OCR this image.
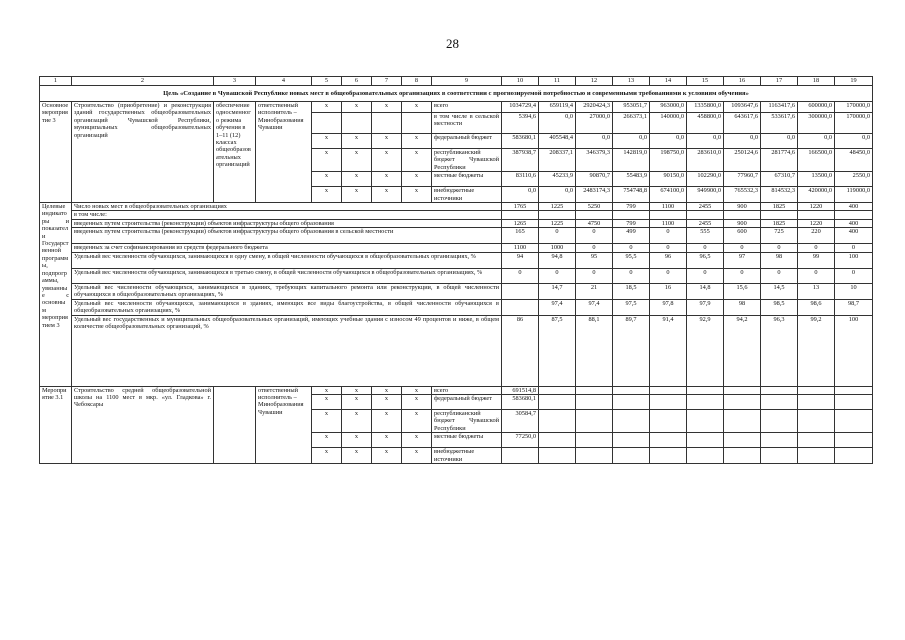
28
1	2	3	4	5	6	7	8	9	10	11	12	13	14	15	16	17	18	19
Цель «Создание в Чувашской Республике новых мест в общеобразовательных организациях в соответствии с прогнозируемой потребностью и современными требованиями к условиям обучения»																		
Основное мероприятие 3	Строительство (приобретение) и реконструкция зданий государственных общеобразовательных организаций Чувашской Республики, муниципальных общеобразовательных организаций	обеспечение односменного режима обучения в 1–11 (12) классах общеобразовательных организаций	ответственный исполнитель – Минобразования Чувашии	x	x	x	x	всего	1034729,4	659119,4	2920424,3	953051,7	963000,0	1335800,0	1093647,6	1163417,6	600000,0	170000,0
								в том числе в сельской местности	5394,6	0,0	27000,0	266373,1	140000,0	458800,0	643617,6	533617,6	300000,0	170000,0
				x	x	x	x	федеральный бюджет	583680,1	405548,4	0,0	0,0	0,0	0,0	0,0	0,0	0,0	0,0
				x	x	x	x	республиканский бюджет Чувашской Республики	387938,7	208337,1	346379,3	142819,0	198750,0	283610,0	250124,6	281774,6	166500,0	48450,0
				x	x	x	x	местные бюджеты	83110,6	45233,9	90870,7	55483,9	90150,0	102290,0	77960,7	67310,7	13500,0	2550,0
				x	x	x	x	внебюджетные источники	0,0	0,0	2483174,3	754748,8	674100,0	949900,0	765532,3	814532,3	420000,0	119000,0
Целевые индикаторы и показатели Государственной программы, подпрограммы, увязанные с основным мероприятием 3	Число новых мест в общеобразовательных организациях								1765	1225	5250	799	1100	2455	900	1825	1220	400
	в том числе:																	
	введенных путем строительства (реконструкции) объектов инфраструктуры общего образования								1265	1225	4750	799	1100	2455	900	1825	1220	400
	введенных путем строительства (реконструкции) объектов инфраструктуры общего образования в сельской местности								165	0	0	499	0	555	600	725	220	400
	введенных за счет софинансирования из средств федерального бюджета								1100	1000	0	0	0	0	0	0	0	0
	Удельный вес численности обучающихся, занимающихся в одну смену, в общей численности обучающихся в общеобразовательных организациях, %								94	94,8	95	95,5	96	96,5	97	98	99	100
	Удельный вес численности обучающихся, занимающихся в третью смену, в общей численности обучающихся в общеобразовательных организациях, %								0	0	0	0	0	0	0	0	0	0
	Удельный вес численности обучающихся, занимающихся в зданиях, требующих капитального ремонта или реконструкции, в общей численности обучающихся в общеобразовательных организациях, %									14,7	21	18,5	16	14,8	15,6	14,5	13	10
	Удельный вес численности обучающихся, занимающихся в зданиях, имеющих все виды благоустройства, в общей численности обучающихся в общеобразовательных организациях, %									97,4	97,4	97,5	97,8	97,9	98	98,5	98,6	98,7
	Удельный вес государственных и муниципальных общеобразовательных организаций, имеющих учебные здания с износом 49 процентов и ниже, в общем количестве общеобразовательных организаций, %								86	87,5	88,1	89,7	91,4	92,9	94,2	96,3	99,2	100
Мероприятие 3.1	Строительство средней общеобразовательной школы на 1100 мест в мкр. «ул. Гладкова» г. Чебоксары		ответственный исполнитель – Минобразования Чувашии	x	x	x	x	всего	691514,8									
				x	x	x	x	федеральный бюджет	583680,1									
				x	x	x	x	республиканский бюджет Чувашской Республики	30584,7									
				x	x	x	x	местные бюджеты	77250,0									
				x	x	x	x	внебюджетные источники										
